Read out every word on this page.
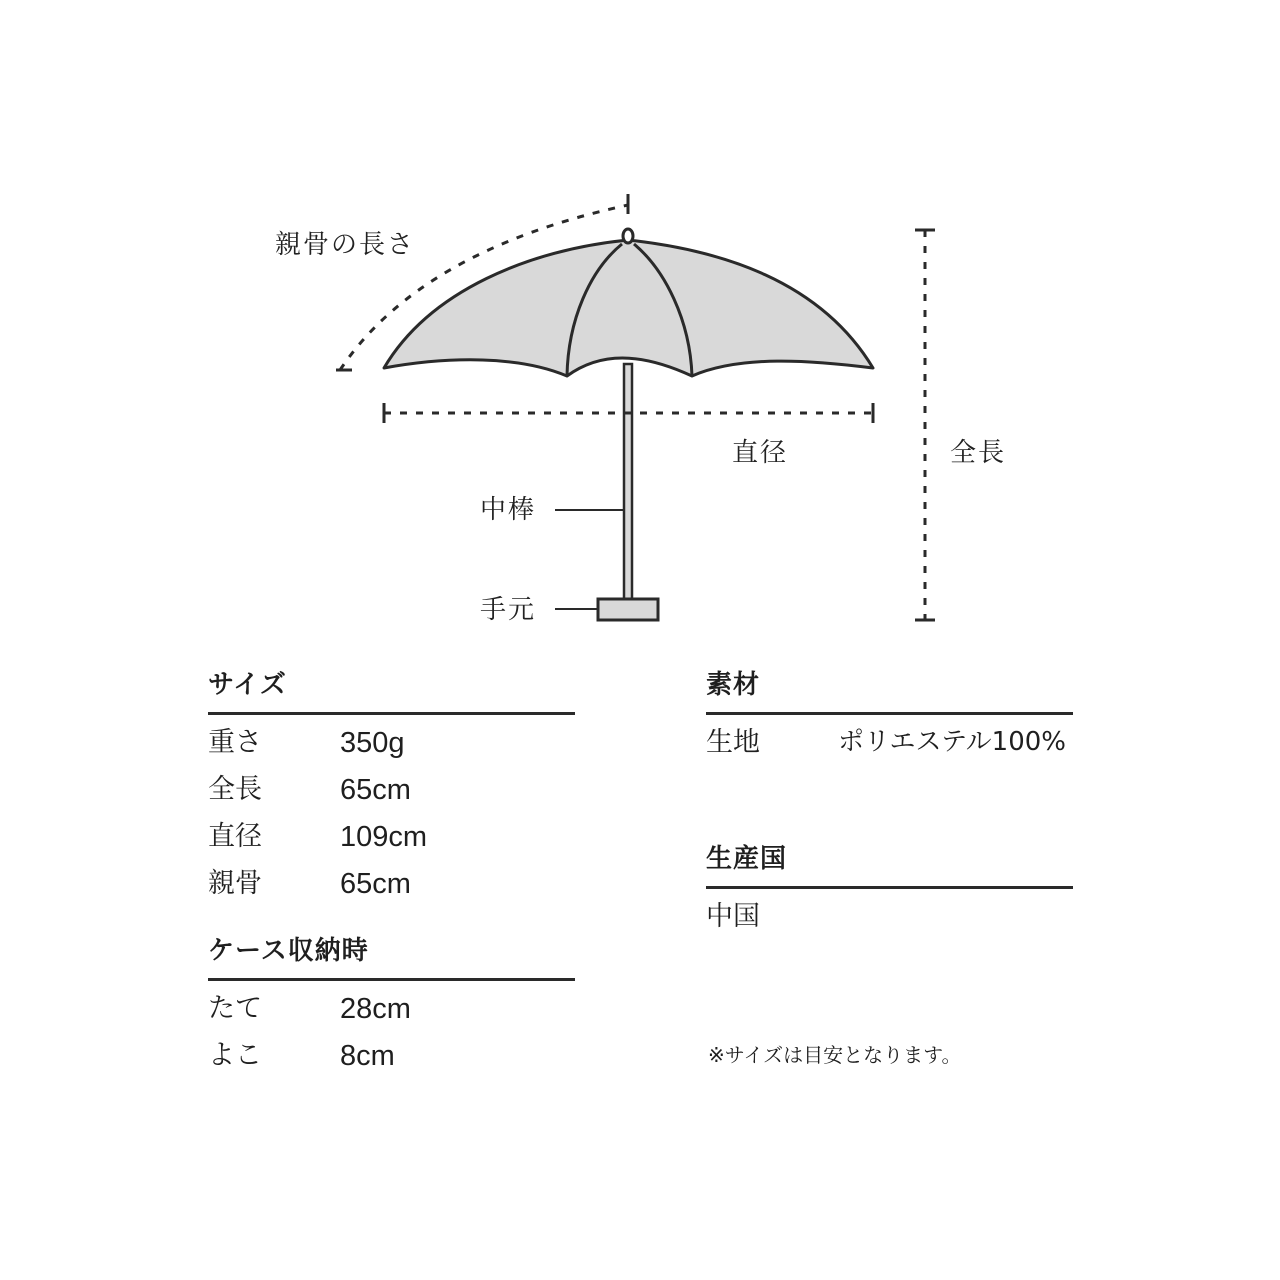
親骨の長さ
直径	全長
中棒
手元
サイズ
重さ	350g
全長	65cm
直径	109cm
親骨	65cm
ケース収納時
たて	28cm
よこ	8cm
素材
生地	ポリエステル100%
生産国
中国
※サイズは目安となります。
